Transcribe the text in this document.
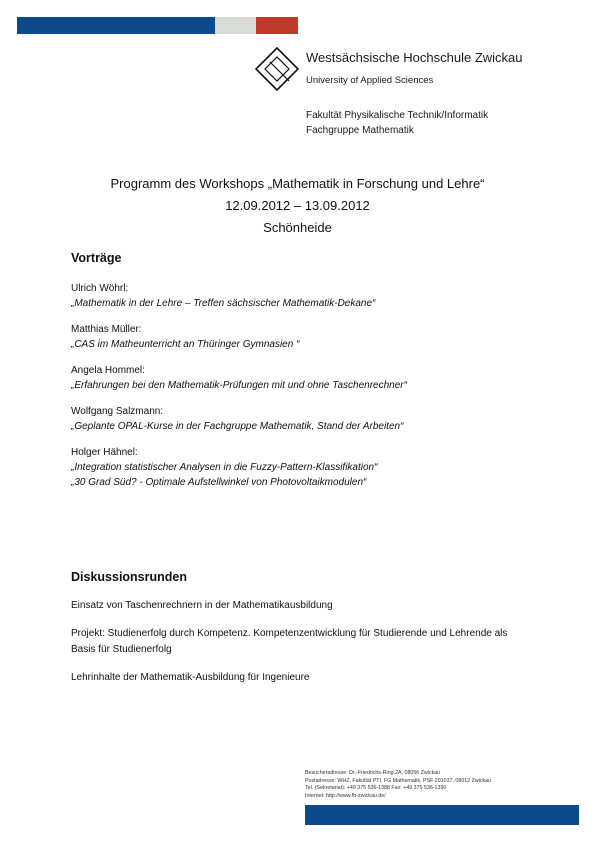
Westsächsische Hochschule Zwickau
University of Applied Sciences
Fakultät Physikalische Technik/Informatik
Fachgruppe Mathematik
Programm des Workshops „Mathematik in Forschung und Lehre“
12.09.2012 – 13.09.2012
Schönheide
Vorträge
Ulrich Wöhrl:
„Mathematik in der Lehre – Treffen sächsischer Mathematik-Dekane“
Matthias Müller:
„CAS im Matheunterricht an Thüringer Gymnasien “
Angela Hommel:
„Erfahrungen bei den Mathematik-Prüfungen mit und ohne Taschenrechner“
Wolfgang Salzmann:
„Geplante OPAL-Kurse in der Fachgruppe Mathematik, Stand der Arbeiten“
Holger Hähnel:
„Integration statistischer Analysen in die Fuzzy-Pattern-Klassifikation“
„30 Grad Süd? - Optimale Aufstellwinkel von Photovoltaikmodulen“
Diskussionsrunden
Einsatz von Taschenrechnern in der Mathematikausbildung
Projekt: Studienerfolg durch Kompetenz. Kompetenzentwicklung für Studierende und Lehrende als Basis für Studienerfolg
Lehrinhalte der Mathematik-Ausbildung für Ingenieure
Besucheradresse: Dr.-Friedrichs-Ring 2A, 08056 Zwickau
Postadresse: WHZ, Fakultät PTI, FG Mathematik, PSF 201037, 08012 Zwickau
Tel. (Sekretariat): +49 375 536-1388 Fax: +49 375 536-1390
Internet: http://www.fh-zwickau.de/
